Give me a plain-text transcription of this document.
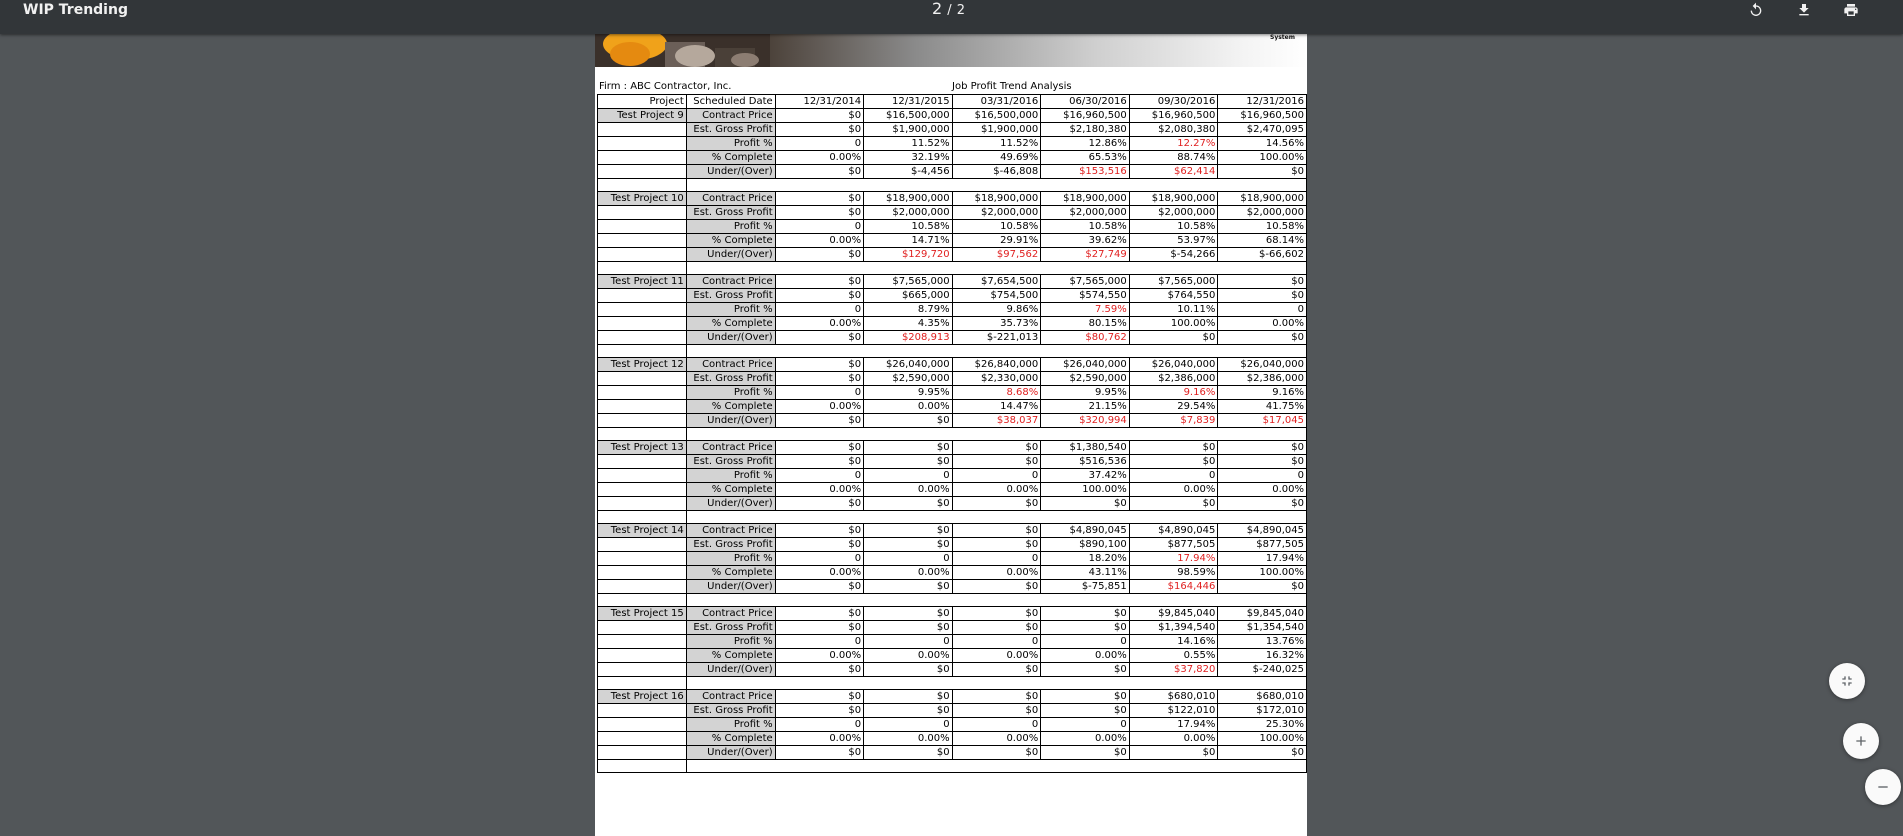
WIP Trending	2 / 2
System
Firm : ABC Contractor, Inc.	Job Profit Trend Analysis
Project	Scheduled Date	12/31/2014	12/31/2015	03/31/2016	06/30/2016	09/30/2016	12/31/2016
Test Project 9	Contract Price	$0	$16,500,000	$16,500,000	$16,960,500	$16,960,500	$16,960,500
	Est. Gross Profit	$0	$1,900,000	$1,900,000	$2,180,380	$2,080,380	$2,470,095
	Profit %	0	11.52%	11.52%	12.86%	12.27%	14.56%
	% Complete	0.00%	32.19%	49.69%	65.53%	88.74%	100.00%
	Under/(Over)	$0	$-4,456	$-46,808	$153,516	$62,414	$0

Test Project 10	Contract Price	$0	$18,900,000	$18,900,000	$18,900,000	$18,900,000	$18,900,000
	Est. Gross Profit	$0	$2,000,000	$2,000,000	$2,000,000	$2,000,000	$2,000,000
	Profit %	0	10.58%	10.58%	10.58%	10.58%	10.58%
	% Complete	0.00%	14.71%	29.91%	39.62%	53.97%	68.14%
	Under/(Over)	$0	$129,720	$97,562	$27,749	$-54,266	$-66,602

Test Project 11	Contract Price	$0	$7,565,000	$7,654,500	$7,565,000	$7,565,000	$0
	Est. Gross Profit	$0	$665,000	$754,500	$574,550	$764,550	$0
	Profit %	0	8.79%	9.86%	7.59%	10.11%	0
	% Complete	0.00%	4.35%	35.73%	80.15%	100.00%	0.00%
	Under/(Over)	$0	$208,913	$-221,013	$80,762	$0	$0

Test Project 12	Contract Price	$0	$26,040,000	$26,840,000	$26,040,000	$26,040,000	$26,040,000
	Est. Gross Profit	$0	$2,590,000	$2,330,000	$2,590,000	$2,386,000	$2,386,000
	Profit %	0	9.95%	8.68%	9.95%	9.16%	9.16%
	% Complete	0.00%	0.00%	14.47%	21.15%	29.54%	41.75%
	Under/(Over)	$0	$0	$38,037	$320,994	$7,839	$17,045

Test Project 13	Contract Price	$0	$0	$0	$1,380,540	$0	$0
	Est. Gross Profit	$0	$0	$0	$516,536	$0	$0
	Profit %	0	0	0	37.42%	0	0
	% Complete	0.00%	0.00%	0.00%	100.00%	0.00%	0.00%
	Under/(Over)	$0	$0	$0	$0	$0	$0

Test Project 14	Contract Price	$0	$0	$0	$4,890,045	$4,890,045	$4,890,045
	Est. Gross Profit	$0	$0	$0	$890,100	$877,505	$877,505
	Profit %	0	0	0	18.20%	17.94%	17.94%
	% Complete	0.00%	0.00%	0.00%	43.11%	98.59%	100.00%
	Under/(Over)	$0	$0	$0	$-75,851	$164,446	$0

Test Project 15	Contract Price	$0	$0	$0	$0	$9,845,040	$9,845,040
	Est. Gross Profit	$0	$0	$0	$0	$1,394,540	$1,354,540
	Profit %	0	0	0	0	14.16%	13.76%
	% Complete	0.00%	0.00%	0.00%	0.00%	0.55%	16.32%
	Under/(Over)	$0	$0	$0	$0	$37,820	$-240,025

Test Project 16	Contract Price	$0	$0	$0	$0	$680,010	$680,010
	Est. Gross Profit	$0	$0	$0	$0	$122,010	$172,010
	Profit %	0	0	0	0	17.94%	25.30%
	% Complete	0.00%	0.00%	0.00%	0.00%	0.00%	100.00%
	Under/(Over)	$0	$0	$0	$0	$0	$0
